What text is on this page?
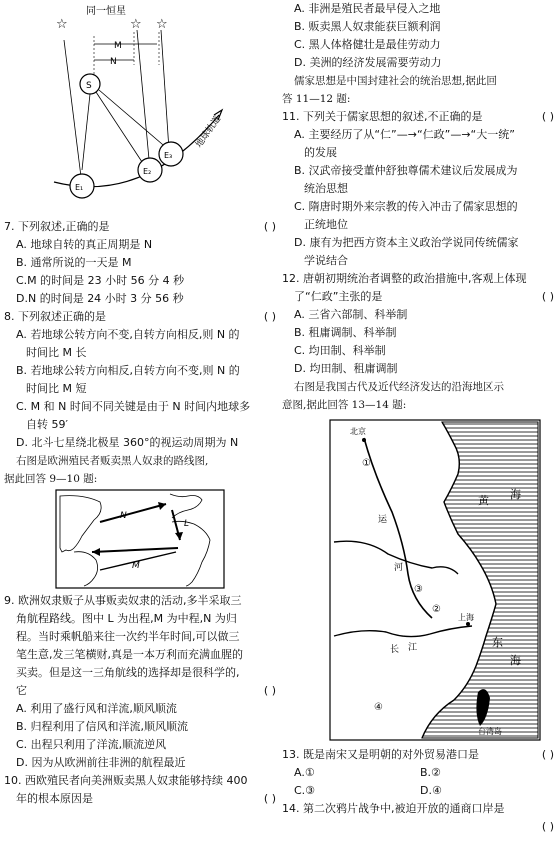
同一恒星
☆	☆ ☆
M
N
S
地球轨道
E₁
E₂
E₃
7. 下列叙述,正确的是	( )
A. 地球自转的真正周期是 N
B. 通常所说的一天是 M
C.M 的时间是 23 小时 56 分 4 秒
D.N 的时间是 24 小时 3 分 56 秒
8. 下列叙述正确的是	( )
A. 若地球公转方向不变,自转方向相反,则 N 的
时间比 M 长
B. 若地球公转方向相反,自转方向不变,则 N 的
时间比 M 短
C. M 和 N 时间不同关键是由于 N 时间内地球多
自转 59′
D. 北斗七星绕北极星 360°的视运动周期为 N
右图是欧洲殖民者贩卖黑人奴隶的路线图,
据此回答 9—10 题:
N
L
M
9. 欧洲奴隶贩子从事贩卖奴隶的活动,多半采取三
角航程路线。图中 L 为出程,M 为中程,N 为归
程。当时乘帆船来往一次约半年时间,可以做三
笔生意,发三笔横财,真是一本万利而充满血腥的
买卖。但是这一三角航线的选择却是很科学的,
它	( )
A. 利用了盛行风和洋流,顺风顺流
B. 归程利用了信风和洋流,顺风顺流
C. 出程只利用了洋流,顺流逆风
D. 因为从欧洲前往非洲的航程最近
10. 西欧殖民者向美洲贩卖黑人奴隶能够持续 400
年的根本原因是	( )
A. 非洲是殖民者最早侵入之地
B. 贩卖黑人奴隶能获巨额利润
C. 黑人体格健壮是最佳劳动力
D. 美洲的经济发展需要劳动力
儒家思想是中国封建社会的统治思想,据此回
答 11—12 题:
11. 下列关于儒家思想的叙述,不正确的是	( )
A. 主要经历了从“仁”—→“仁政”—→“大一统”
的发展
B. 汉武帝接受董仲舒独尊儒术建议后发展成为
统治思想
C. 隋唐时期外来宗教的传入冲击了儒家思想的
正统地位
D. 康有为把西方资本主义政治学说同传统儒家
学说结合
12. 唐朝初期统治者调整的政治措施中,客观上体现
了“仁政”主张的是	( )
A. 三省六部制、科举制
B. 租庸调制、科举制
C. 均田制、科举制
D. 均田制、租庸调制
右图是我国古代及近代经济发达的沿海地区示
意图,据此回答 13—14 题:
台湾岛
北京
①
②
③
④
上海
运
河
长 江
黄 海
东
海
13. 既是南宋又是明朝的对外贸易港口是	( )
A.①	B.②
C.③	D.④
14. 第二次鸦片战争中,被迫开放的通商口岸是
( )
